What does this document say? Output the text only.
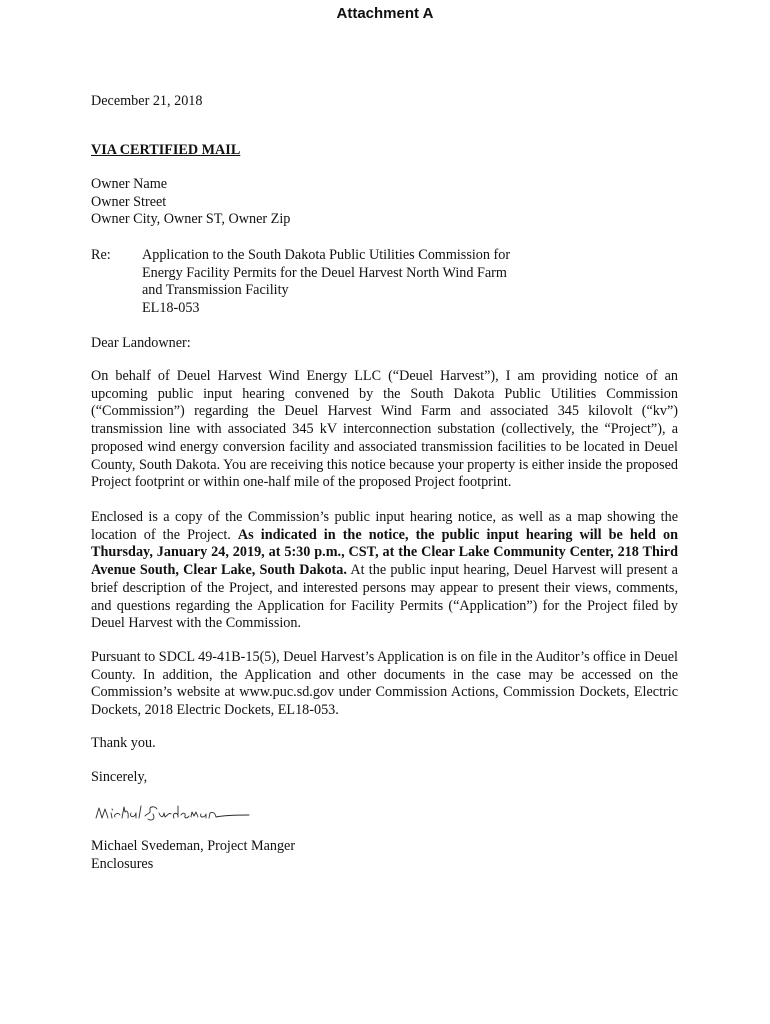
Attachment A
December 21, 2018
VIA CERTIFIED MAIL
Owner Name
Owner Street
Owner City, Owner ST, Owner Zip
Re: Application to the South Dakota Public Utilities Commission for
Energy Facility Permits for the Deuel Harvest North Wind Farm
and Transmission Facility
EL18-053
Dear Landowner:
On behalf of Deuel Harvest Wind Energy LLC (“Deuel Harvest”), I am providing notice of an upcoming public input hearing convened by the South Dakota Public Utilities Commission (“Commission”) regarding the Deuel Harvest Wind Farm and associated 345 kilovolt (“kv”) transmission line with associated 345 kV interconnection substation (collectively, the “Project”), a proposed wind energy conversion facility and associated transmission facilities to be located in Deuel County, South Dakota. You are receiving this notice because your property is either inside the proposed Project footprint or within one-half mile of the proposed Project footprint.
Enclosed is a copy of the Commission’s public input hearing notice, as well as a map showing the location of the Project. As indicated in the notice, the public input hearing will be held on Thursday, January 24, 2019, at 5:30 p.m., CST, at the Clear Lake Community Center, 218 Third Avenue South, Clear Lake, South Dakota. At the public input hearing, Deuel Harvest will present a brief description of the Project, and interested persons may appear to present their views, comments, and questions regarding the Application for Facility Permits (“Application”) for the Project filed by Deuel Harvest with the Commission.
Pursuant to SDCL 49-41B-15(5), Deuel Harvest’s Application is on file in the Auditor’s office in Deuel County. In addition, the Application and other documents in the case may be accessed on the Commission’s website at www.puc.sd.gov under Commission Actions, Commission Dockets, Electric Dockets, 2018 Electric Dockets, EL18-053.
Thank you.
Sincerely,
Michael Svedeman, Project Manger
Enclosures
